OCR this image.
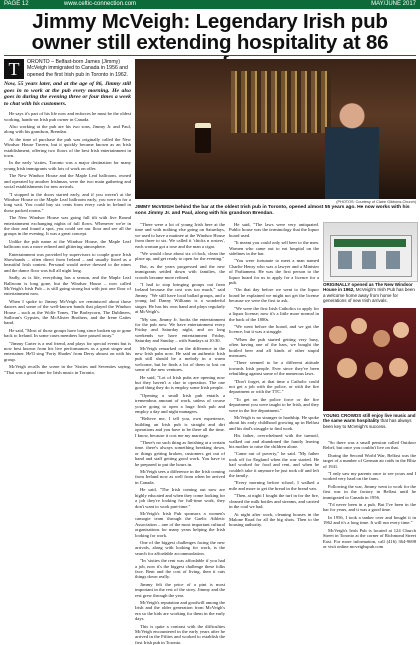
PAGE 12	www.celtic-connection.com	MAY/JUNE 2017
Jimmy McVeigh: Legendary Irish pub owner still extending hospitality at 86
T	ORONTO – Belfast-born James (Jimmy) McVeigh immigrated to Canada in 1956 and opened the first Irish pub in Toronto in 1962.
Now, 55 years later, and at the age of 86, Jimmy still goes in to work at the pub every morning. He also goes in during the evening three or four times a week to chat with his customers.

He says it's part of his life now and enforces he must be the oldest working, hands-on Irish pub owner in Canada.

Also working at the pub are his two sons, Jimmy Jr. and Paul, along with his grandson, Brendan.

At the time of purchase the pub was originally called the New Windsor House Tavern, but it quickly became known as an Irish establishment, offering two floors of the best Irish entertainment in town.

In the early 'sixties, Toronto was a major destination for many young Irish immigrants with lots of work on offer.

The New Windsor House and the Maple Leaf ballroom, owned and operated by another Irishman, were the two main gathering and social establishments for new arrivals.

"I stopped in the doors started early, and if you weren't at the Windsor House or the Maple Leaf ballroom early, you were in for a long wait. You could buy six cents from every cash in Ireland in those packed rooms."

The New Windsor House was going full tilt with live Round entertainment exchanging nights of full flows. Whenever we're in the door and found a spot, you could see our floor and see all the groups in the evening. It was a great concept.

Unlike the pub name at the Windsor House, the Maple Leaf ballroom was a more refined and glittering atmosphere.

Entertainment was provided by supervisors to couple grace Irish Showbands – often direct from Ireland – and usually listed as a beautiful Irish contest. Personal would arrive dressed to the nines and the dance floor was full all night long.

Sadly, as is life, everything has a season, and the Maple Leaf Ballroom is long gone, but the Windsor House – now called McVeigh's Irish Pub – is still going strong but with just one floor of entertainment now.

When I spoke to Jimmy McVeigh we reminisced about those dances and some of the well-known bands that played the Windsor House – such as the Wolfe Tones, The Barleycorn, The Dubliners, Sullivan's Gypsies, the McAlister Brothers, and the Irene Gaites band.

He said, "Most of those groups have long since broken up or gone back to Ireland. In some cases members have passed away."

"Jimmy Carter is a real friend, and plays for special events but is now best known from his live performances as a great singer and entertainer. He'll sing 'Forty Shades' from Derry almost on with his group.

McVeigh recalls the scene in the 'Sixties and Seventies saying, "That was a good time for Irish music in Toronto.

(PHOTOS: Courtesy of Claire Gibbons-Church)
JIMMY McVEIGH behind the bar at the oldest Irish pub in Toronto, opened almost 55 years ago. He now works with his sons Jimmy Jr. and Paul, along with his grandson Brendan.

"There were a lot of young Irish here at the time and with nothing else going on Saturdays, we used to have a matinee at the Windsor House from three to six. We called it 'chicks n rosters', each woman got a rose and the man a cigar.

"We would close about six o'clock, clean the place up, and get ready to open for the evening."

But, as the years progressed and the new immigrants settled down with families, the crowds became more refined.

"I had to stop bringing groups out from Ireland because the cost was too much," said Jimmy. "We still have local ballad groups, and a young lad Danny Williams is a wonderful singer. He has his own band and plays regularly at McVeigh's.

"My son, Jimmy Jr. books the entertainment for the pub now. We have entertainment every Friday and Saturday night, and on long weekends we have entertainment Friday, Saturday and Sunday – with Sundays at 10:30.

McVeigh remarked on the difference in the new Irish pubs now. He said an authentic Irish pub still should be a melody in a warm welcome, but he finds a lot of them to lost on some of the new ventures.

He said, "Lot of Irish pubs are opening now but they haven't a clue to operation. The one good thing they do is employ some Irish people.

"Opening a small Irish pub entails a tremendous amount of work, unless of course you're going to open a huge Irish pub and employ a day and night managers.

"Believe me, I tell you, own experience, building an Irish pub is straight and dirt operations and you have to be there all the time. I know, because it cost me my marriage.

"There's no such thing as finishing at a certain time. there's always something breaking down, or things getting broken, customers get out of hand and staff getting good work. You have to be prepared to put the hours in.

McVeigh sees a difference in the Irish coming from Ireland now as well from when he arrived in Canada.

He said, "The Irish coming out now are highly educated and when they come looking for a job they're looking for full-time work, they don't want to work part-time."

McVeigh's Irish Pub sponsors a women's camogie team through the Gaelic Athletic Association – one of the most important cultural organisations for many years helping the Irish looking for work.

One of the biggest challenges facing the new arrivals, along with looking for work, is the search for affordable accommodation.

"In 'sixties the rent was affordable if you had a job, now it's the biggest challenge these folks face. Rent and the cost of living, then it cuts things down really.

Jimmy felt the price of a pint is most important in the rest of the story. Jimmy and the rest grew through the year.

McVeigh's reputation and goodwill among the Irish and the older generation from McVeigh's era so the kids are working for them in the early days.

This is quite a contrast with the difficulties McVeigh encountered in the early years after he arrived in the Fifties and worked to establish the first Irish pub in Toronto.

He said, "The laws were very antiquated. Public house was the terminology that the liquor board used.

"It meant you could only sell beer to the men. Women who came out to eat hospital on the sidelines in the bar.

"You were fortunate to meet a man named Charlie Henry who was a lawyer and a Minister of Parliament. He was the first person to the liquor board for us to apply for a licence for a pub.

"On that day before we went to the liquor board he explained we might not get the license because we were the first to ask.

"We were the first Irish Catholics to apply for a liquor license; now it's a little more normal in the back of the 1800s.

"We went before the board, and we got the licence, but it was a struggle.

"When the pub started getting very busy, often having one of the bars, we bought the bottled beer and all kinds of other stupid measures.

"There seemed to be a different attitude towards Irish people. Ever since they've been rebuilding against some of the numerous laws.

"Don't forget, at that time a Catholic could not get a job with the police, or with the fire department or with the TTC."

"To get on the police force or the fire department you were taught to be Irish, and they were in the fire department."

McVeigh is no stranger to hardship. He spoke about his early childhood growing up in Belfast and his dad's struggle to find work.

His father, overwhelmed with the turmoil, walked out and abandoned the family leaving his mother to raise the children alone.

"Came out of poverty," he said. "My father took off for England when the war started. He had worked for food and rent, and when he couldn't take it anymore he just took off and left the family.

"Every morning before school, I walked a mile and more to get the bread in the bread van.

"Then, at night I fought the turf in for the fire, cleaned the milk bottles and streams, and carried in the coal we had.

At night after work, cleaning houses in the Malone Road for all the big shots. Then to the housing authority.

ORIGINALLY opened as The New Windsor House in 1962, McVeigh's Irish Pub has been a welcome home away from home for generations of new Irish arrivals.
YOUNG CROWDS still enjoy live music and the same warm hospitality that has always been key to McVeigh's success.

"So there was a small pension called Outdoor Relief, but once you couldn't live on that.

During the Second World War, Belfast was the target of a number of German air raids in the Blitz of 1941.

"I only saw my parents once to see yours and I worked very hard on the farm.

Following the war, Jimmy went to work for the first war in the factory in Belfast until he immigrated to Canada in 1956.

"I'd never been in a pub. But I've been in the bar for years, and it was a good time.

In 1956, I took a tanker over and bought it in 1962 and it's a long time. It will run every time."

McVeigh's Irish Pub is located at 124 Church Street in Toronto at the corner of Richmond Street East. For more information, call (416) 364-9698 or visit online mcveighspub.com
